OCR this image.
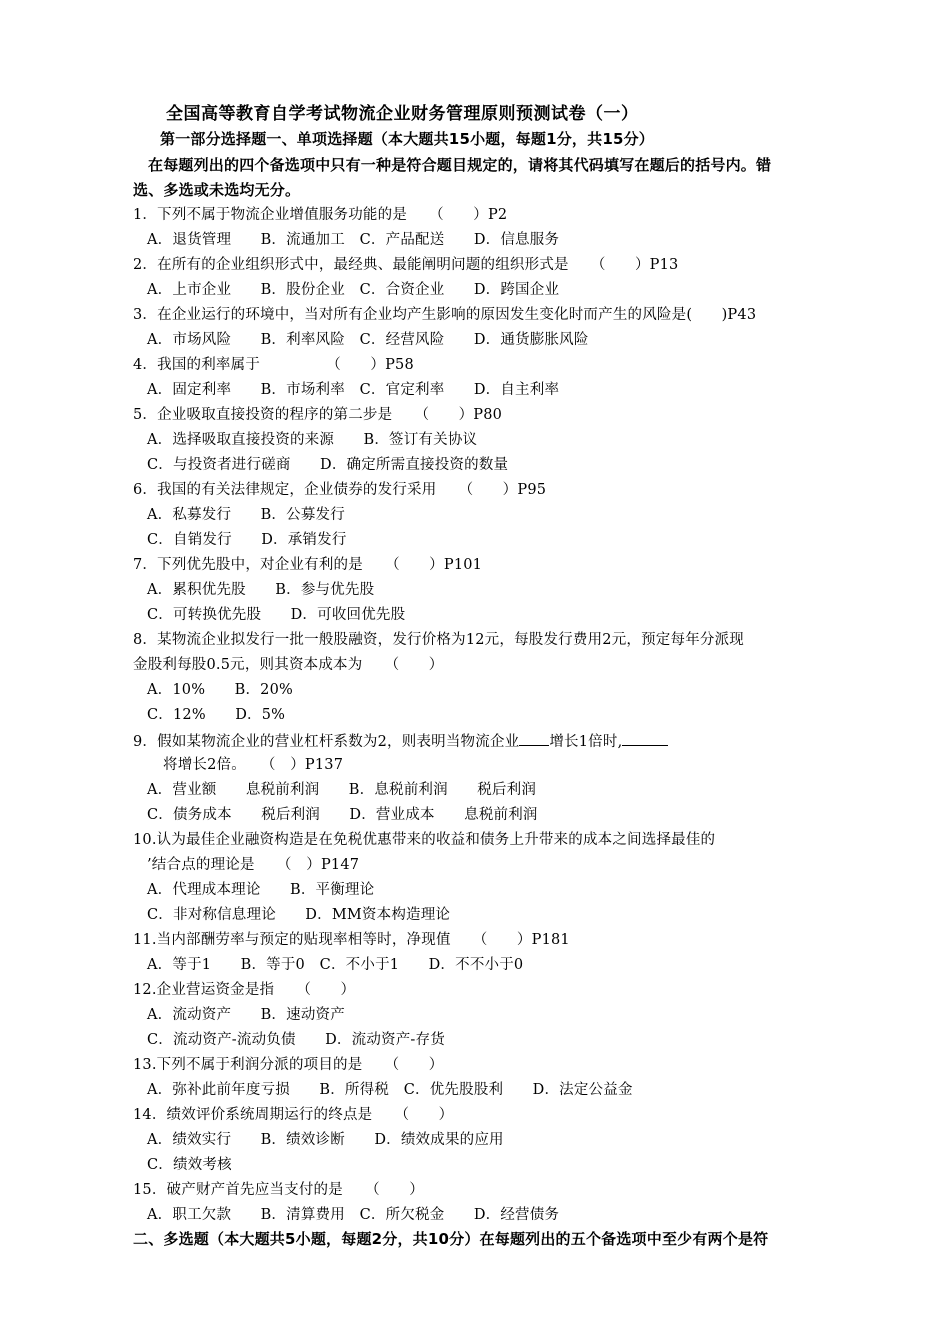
全国高等教育自学考试物流企业财务管理原则预测试卷（一）
第一部分选择题一、单项选择题（本大题共15小题，每题1分，共15分）
在每题列出的四个备选项中只有一种是符合题目规定的，请将其代码填写在题后的括号内。错
选、多选或未选均无分。
1．下列不属于物流企业增值服务功能的是　　（　　）P2
A．退货管理　　B．流通加工　C．产品配送　　D．信息服务
2．在所有的企业组织形式中，最经典、最能阐明问题的组织形式是　　（　　）P13
A．上市企业　　B．股份企业　C．合资企业　　D．跨国企业
3．在企业运行的环境中，当对所有企业均产生影响的原因发生变化时而产生的风险是(　　)P43
A．市场风险　　B．利率风险　C．经营风险　　D．通货膨胀风险
4．我国的利率属于　　　　　（　　）P58
A．固定利率　　B．市场利率　C．官定利率　　D．自主利率
5．企业吸取直接投资的程序的第二步是　　（　　）P80
A．选择吸取直接投资的来源　　B．签订有关协议
C．与投资者进行磋商　　D．确定所需直接投资的数量
6．我国的有关法律规定，企业债券的发行采用　　（　　）P95
A．私募发行　　B．公募发行
C．自销发行　　D．承销发行
7．下列优先股中，对企业有利的是　　（　　）P101
A．累积优先股　　B．参与优先股
C．可转换优先股　　D．可收回优先股
8．某物流企业拟发行一批一般股融资，发行价格为12元，每股发行费用2元，预定每年分派现
金股利每股0.5元，则其资本成本为　　（　　）
A．10%　　B．20%
C．12%　　D．5%
9．假如某物流企业的营业杠杆系数为2，则表明当物流企业 增长1倍时,
将增长2倍。　　（　）P137
A．营业额　　息税前利润　　B．息税前利润　　税后利润
C．债务成本　　税后利润　　D．营业成本　　息税前利润
10.认为最佳企业融资构造是在免税优惠带来的收益和债务上升带来的成本之间选择最佳的
’结合点的理论是　　（　）P147
A．代理成本理论　　B．平衡理论
C．非对称信息理论　　D．MM资本构造理论
11.当内部酬劳率与预定的贴现率相等时，净现值　　（　　）P181
A．等于1　　B．等于0　C．不小于1　　D．不不小于0
12.企业营运资金是指　　（　　）
A．流动资产　　B．速动资产
C．流动资产-流动负债　　D．流动资产-存货
13.下列不属于利润分派的项目的是　　（　　）
A．弥补此前年度亏损　　B．所得税　C．优先股股利　　D．法定公益金
14．绩效评价系统周期运行的终点是　　（　　）
A．绩效实行　　B．绩效诊断　　D．绩效成果的应用
C．绩效考核
15．破产财产首先应当支付的是　　（　　）
A．职工欠款　　B．清算费用　C．所欠税金　　D．经营债务
二、多选题（本大题共5小题，每题2分，共10分）在每题列出的五个备选项中至少有两个是符
